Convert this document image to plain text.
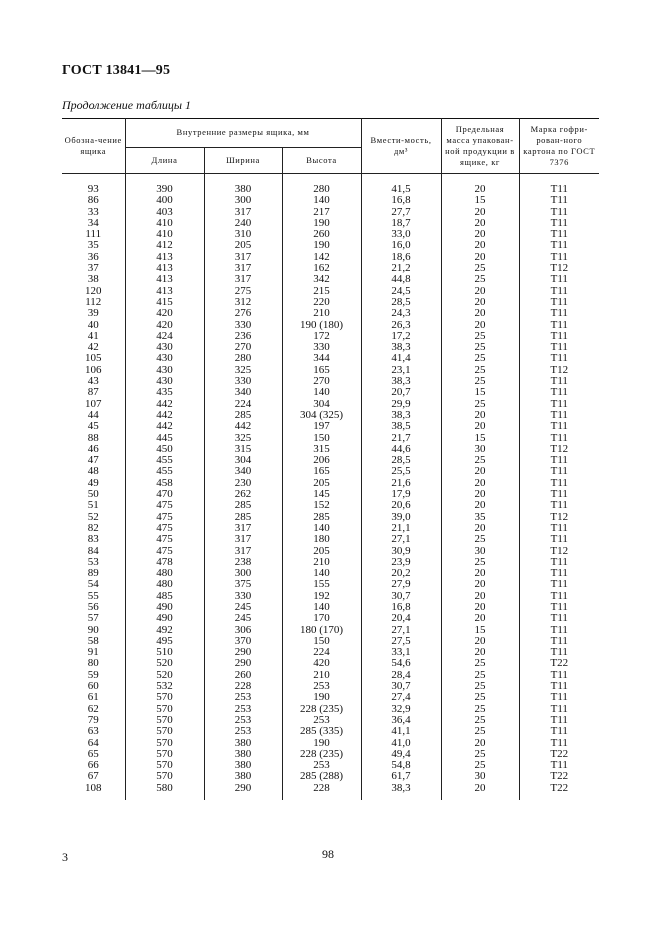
ГОСТ 13841—95
Продолжение таблицы 1
Обозна-чение ящика	Внутренние размеры ящика, мм			Вмести-мость, дм³	Предельная масса упакован-ной продукции в ящике, кг	Марка гофри-рован-ного картона по ГОСТ 7376
	Длина	Ширина	Высота			

93	390	380	280	41,5	20	Т11
86	400	300	140	16,8	15	Т11
33	403	317	217	27,7	20	Т11
34	410	240	190	18,7	20	Т11
111	410	310	260	33,0	20	Т11
35	412	205	190	16,0	20	Т11
36	413	317	142	18,6	20	Т11
37	413	317	162	21,2	25	Т12
38	413	317	342	44,8	25	Т11
120	413	275	215	24,5	20	Т11
112	415	312	220	28,5	20	Т11
39	420	276	210	24,3	20	Т11
40	420	330	190 (180)	26,3	20	Т11
41	424	236	172	17,2	25	Т11
42	430	270	330	38,3	25	Т11
105	430	280	344	41,4	25	Т11
106	430	325	165	23,1	25	Т12
43	430	330	270	38,3	25	Т11
87	435	340	140	20,7	15	Т11
107	442	224	304	29,9	25	Т11
44	442	285	304 (325)	38,3	20	Т11
45	442	442	197	38,5	20	Т11
88	445	325	150	21,7	15	Т11
46	450	315	315	44,6	30	Т12
47	455	304	206	28,5	25	Т11
48	455	340	165	25,5	20	Т11
49	458	230	205	21,6	20	Т11
50	470	262	145	17,9	20	Т11
51	475	285	152	20,6	20	Т11
52	475	285	285	39,0	35	Т12
82	475	317	140	21,1	20	Т11
83	475	317	180	27,1	25	Т11
84	475	317	205	30,9	30	Т12
53	478	238	210	23,9	25	Т11
89	480	300	140	20,2	20	Т11
54	480	375	155	27,9	20	Т11
55	485	330	192	30,7	20	Т11
56	490	245	140	16,8	20	Т11
57	490	245	170	20,4	20	Т11
90	492	306	180 (170)	27,1	15	Т11
58	495	370	150	27,5	20	Т11
91	510	290	224	33,1	20	Т11
80	520	290	420	54,6	25	Т22
59	520	260	210	28,4	25	Т11
60	532	228	253	30,7	25	Т11
61	570	253	190	27,4	25	Т11
62	570	253	228 (235)	32,9	25	Т11
79	570	253	253	36,4	25	Т11
63	570	253	285 (335)	41,1	25	Т11
64	570	380	190	41,0	20	Т11
65	570	380	228 (235)	49,4	25	Т22
66	570	380	253	54,8	25	Т11
67	570	380	285 (288)	61,7	30	Т22
108	580	290	228	38,3	20	Т22

3	98
